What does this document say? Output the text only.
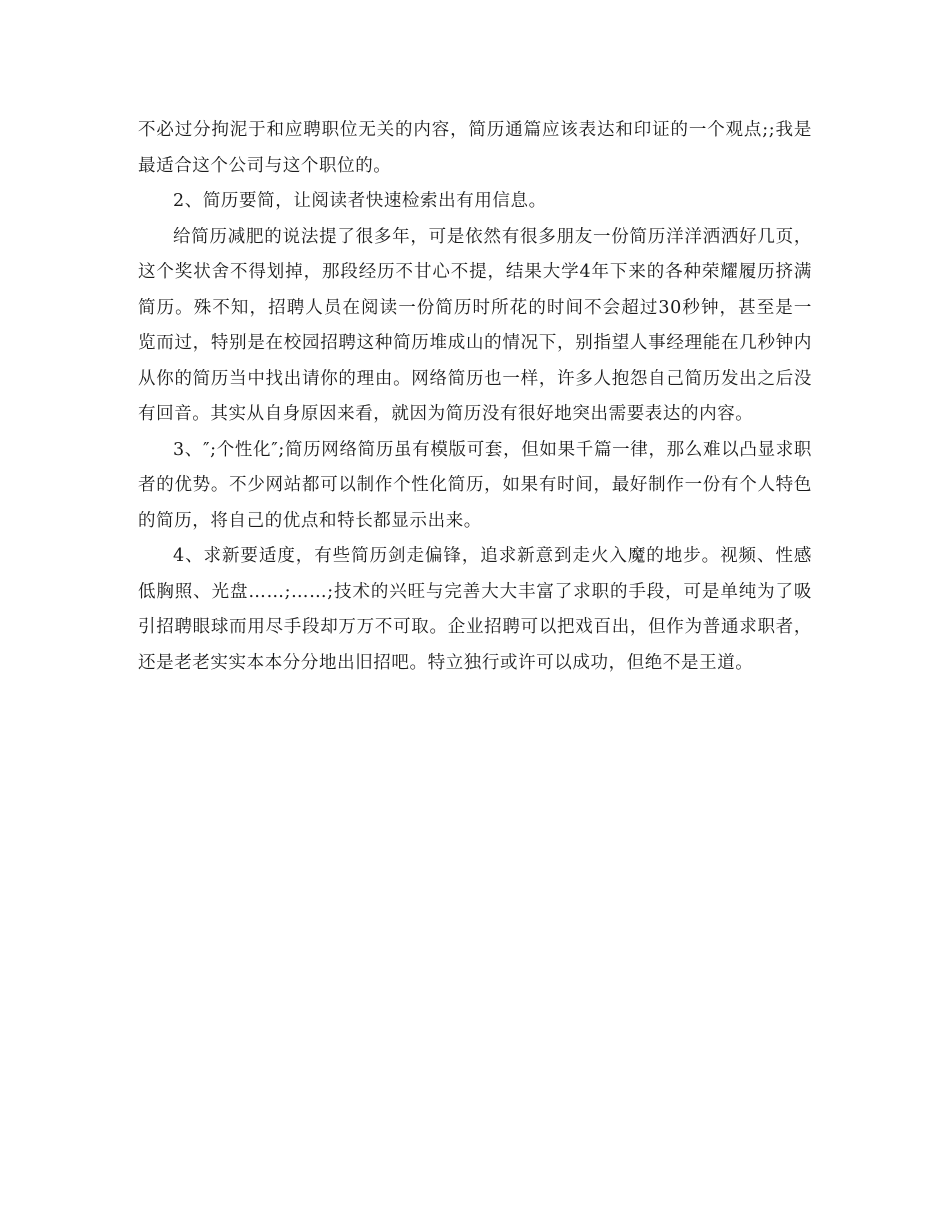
不必过分拘泥于和应聘职位无关的内容，简历通篇应该表达和印证的一个观点;;我是最适合这个公司与这个职位的。

2、简历要简，让阅读者快速检索出有用信息。

给简历减肥的说法提了很多年，可是依然有很多朋友一份简历洋洋洒洒好几页，这个奖状舍不得划掉，那段经历不甘心不提，结果大学4年下来的各种荣耀履历挤满简历。殊不知，招聘人员在阅读一份简历时所花的时间不会超过30秒钟，甚至是一览而过，特别是在校园招聘这种简历堆成山的情况下，别指望人事经理能在几秒钟内从你的简历当中找出请你的理由。网络简历也一样，许多人抱怨自己简历发出之后没有回音。其实从自身原因来看，就因为简历没有很好地突出需要表达的内容。

3、″;个性化″;简历网络简历虽有模版可套，但如果千篇一律，那么难以凸显求职者的优势。不少网站都可以制作个性化简历，如果有时间，最好制作一份有个人特色的简历，将自己的优点和特长都显示出来。

4、求新要适度，有些简历剑走偏锋，追求新意到走火入魔的地步。视频、性感低胸照、光盘……;……;技术的兴旺与完善大大丰富了求职的手段，可是单纯为了吸引招聘眼球而用尽手段却万万不可取。企业招聘可以把戏百出，但作为普通求职者，还是老老实实本本分分地出旧招吧。特立独行或许可以成功，但绝不是王道。
